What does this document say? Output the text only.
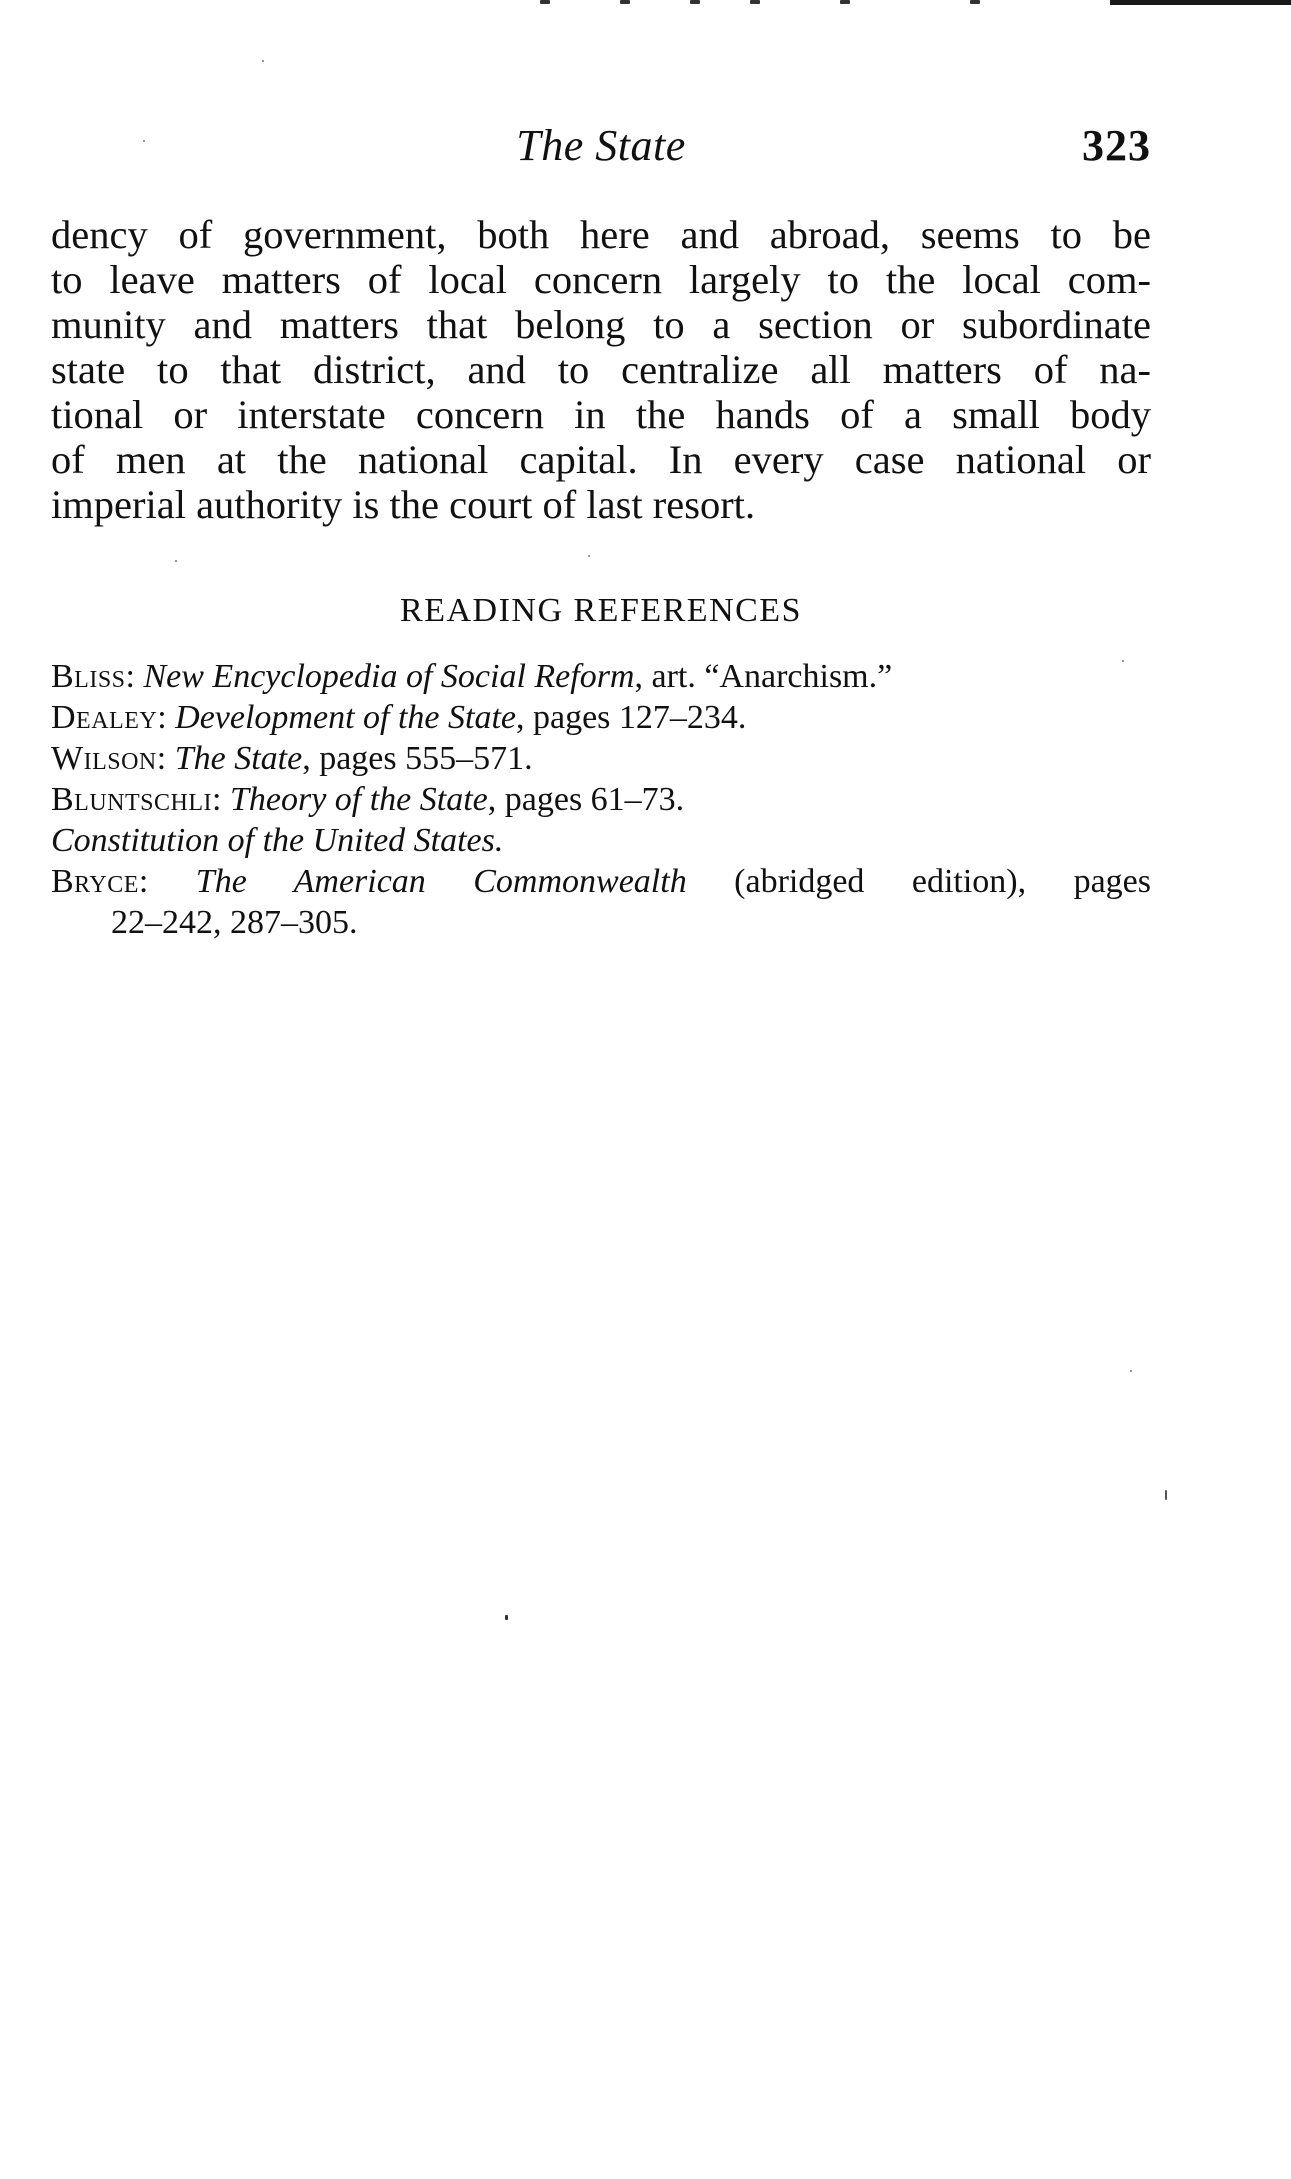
The State	323
dency of government, both here and abroad, seems to be
to leave matters of local concern largely to the local com-
munity and matters that belong to a section or subordinate
state to that district, and to centralize all matters of na-
tional or interstate concern in the hands of a small body
of men at the national capital. In every case national or
imperial authority is the court of last resort.
READING REFERENCES
Bliss: New Encyclopedia of Social Reform, art. “Anarchism.”
Dealey: Development of the State, pages 127–234.
Wilson: The State, pages 555–571.
Bluntschli: Theory of the State, pages 61–73.
Constitution of the United States.
Bryce: The American Commonwealth (abridged edition), pages
22–242, 287–305.
